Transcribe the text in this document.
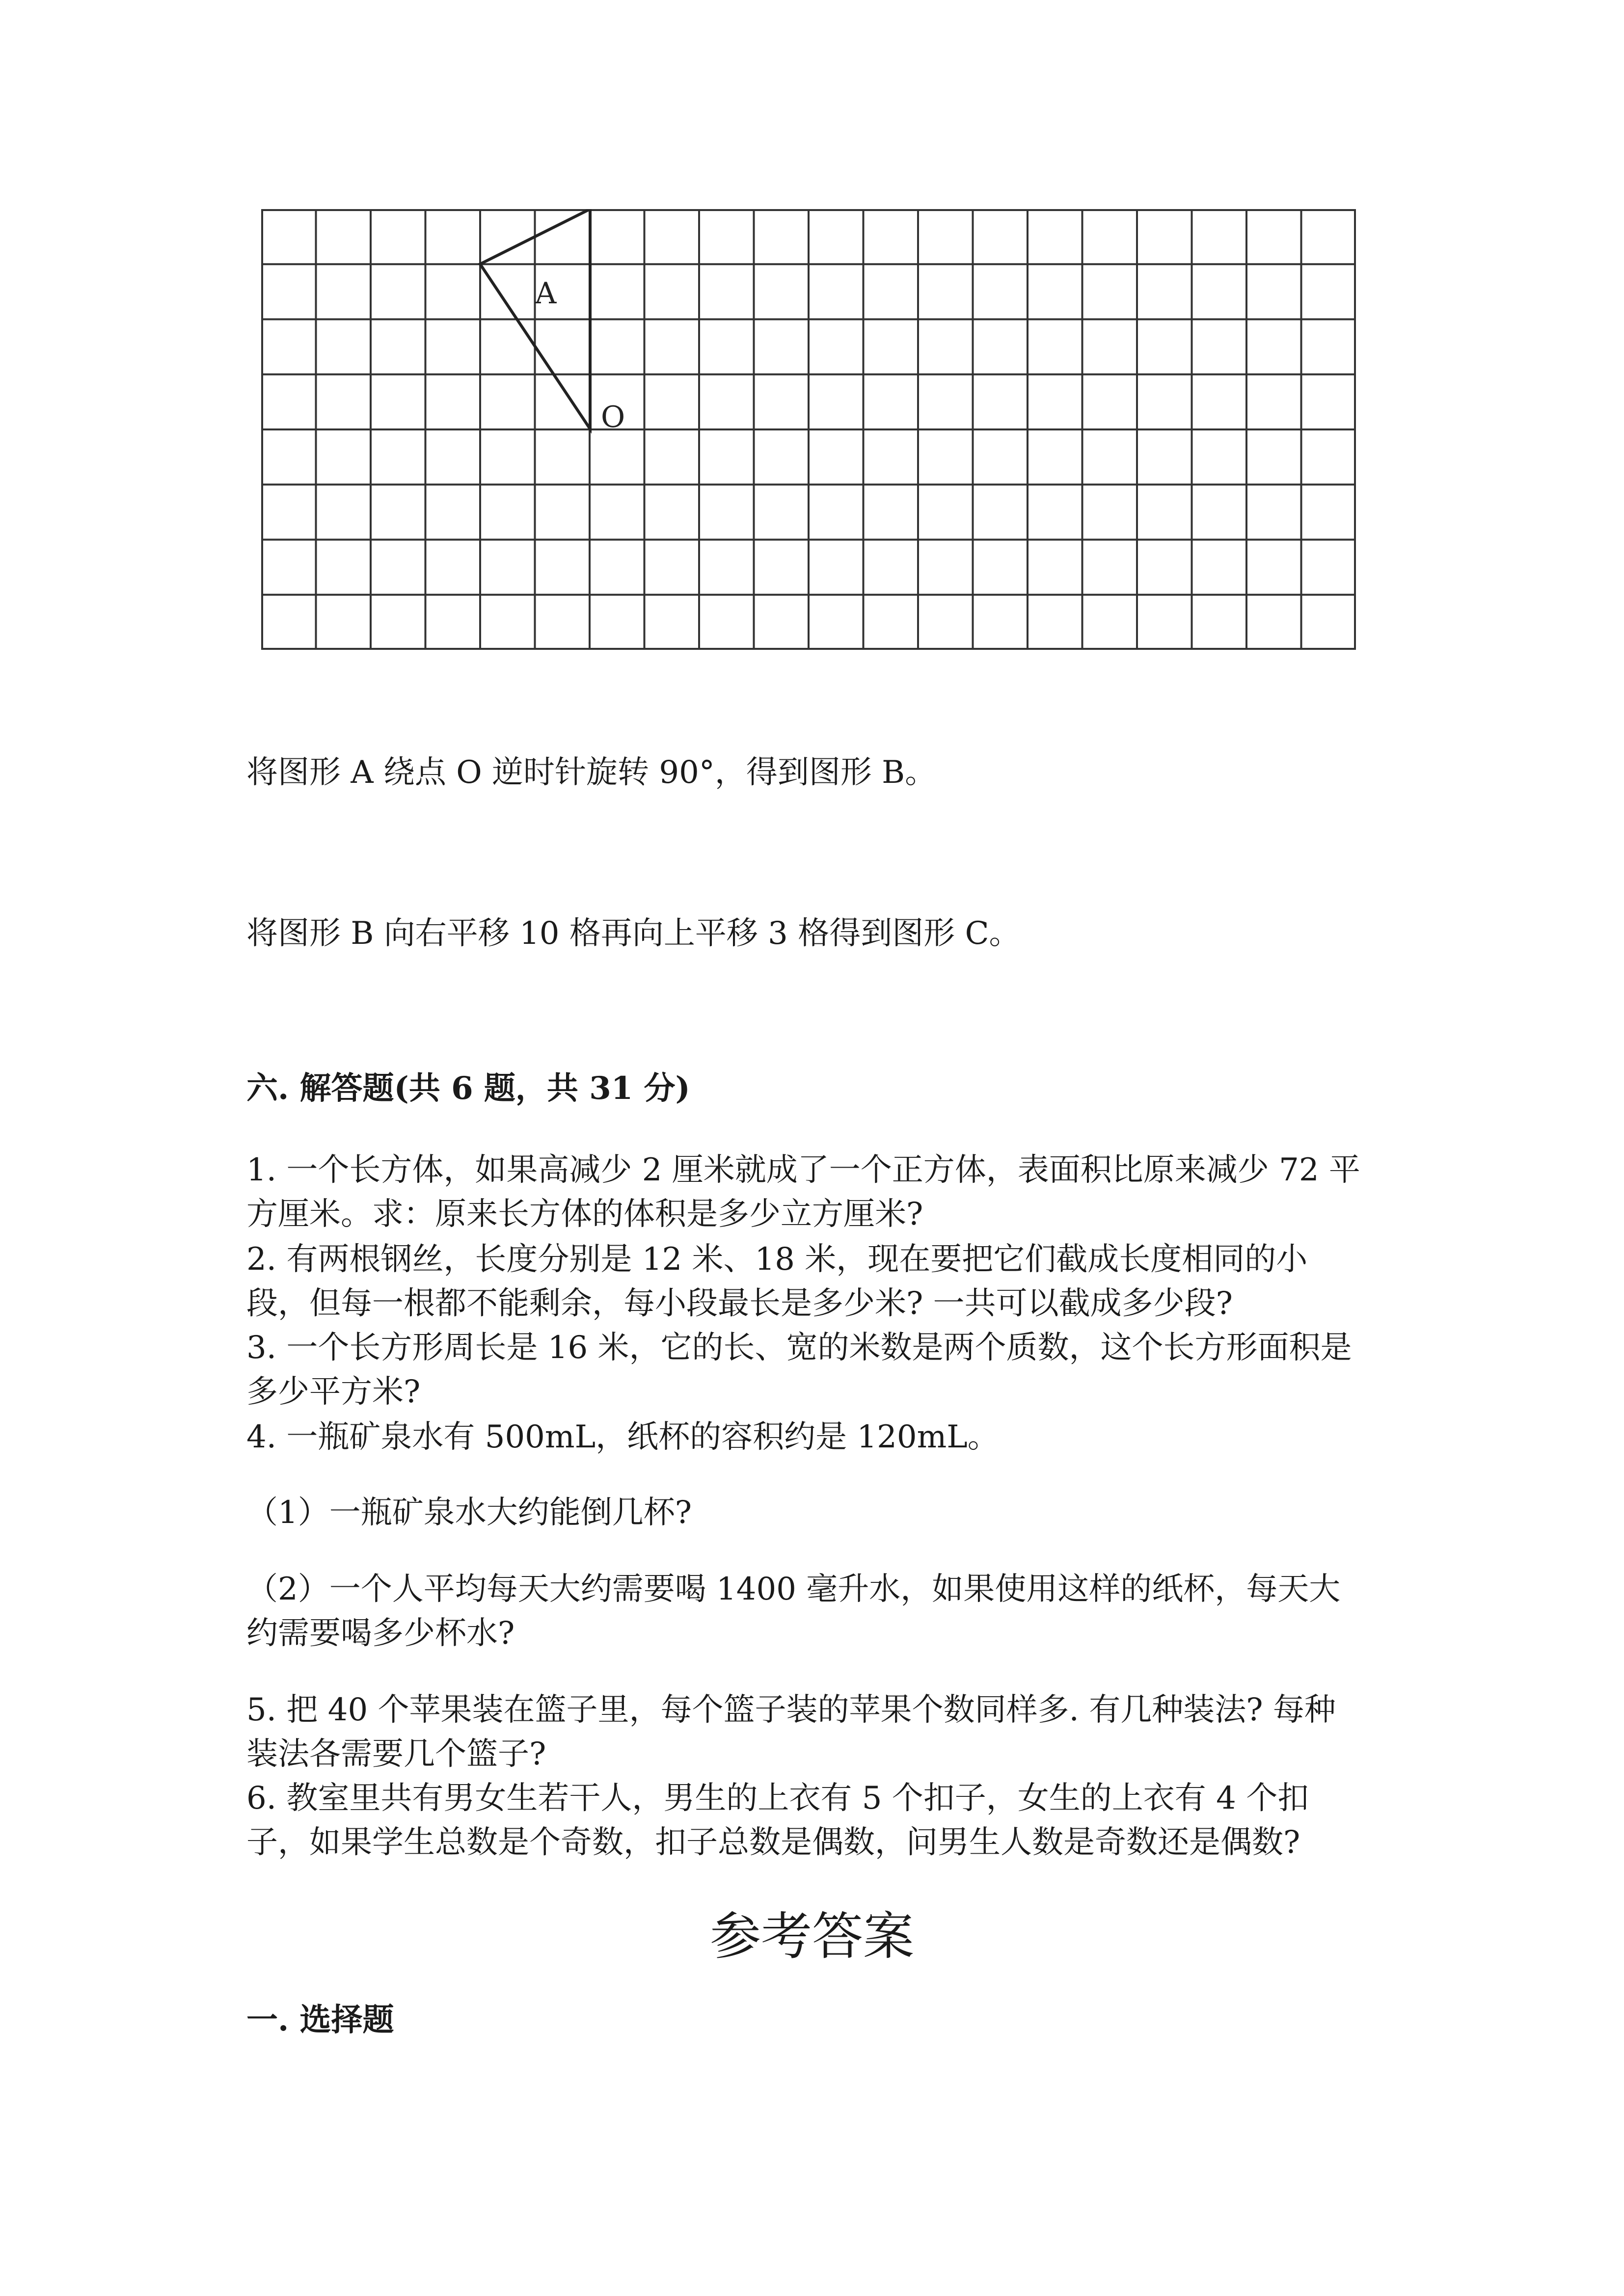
A
O

将图形 A 绕点 O 逆时针旋转 90°，得到图形 B。

将图形 B 向右平移 10 格再向上平移 3 格得到图形 C。

六. 解答题(共 6 题，共 31 分)

1. 一个长方体，如果高减少 2 厘米就成了一个正方体，表面积比原来减少 72 平

方厘米。求：原来长方体的体积是多少立方厘米?

2. 有两根钢丝，长度分别是 12 米、18 米，现在要把它们截成长度相同的小

段，但每一根都不能剩余，每小段最长是多少米? 一共可以截成多少段?

3. 一个长方形周长是 16 米，它的长、宽的米数是两个质数，这个长方形面积是

多少平方米?

4. 一瓶矿泉水有 500mL，纸杯的容积约是 120mL。

（1）一瓶矿泉水大约能倒几杯?

（2）一个人平均每天大约需要喝 1400 毫升水，如果使用这样的纸杯，每天大

约需要喝多少杯水?

5. 把 40 个苹果装在篮子里，每个篮子装的苹果个数同样多. 有几种装法? 每种

装法各需要几个篮子?

6. 教室里共有男女生若干人，男生的上衣有 5 个扣子，女生的上衣有 4 个扣

子，如果学生总数是个奇数，扣子总数是偶数，问男生人数是奇数还是偶数?

参考答案

一. 选择题
